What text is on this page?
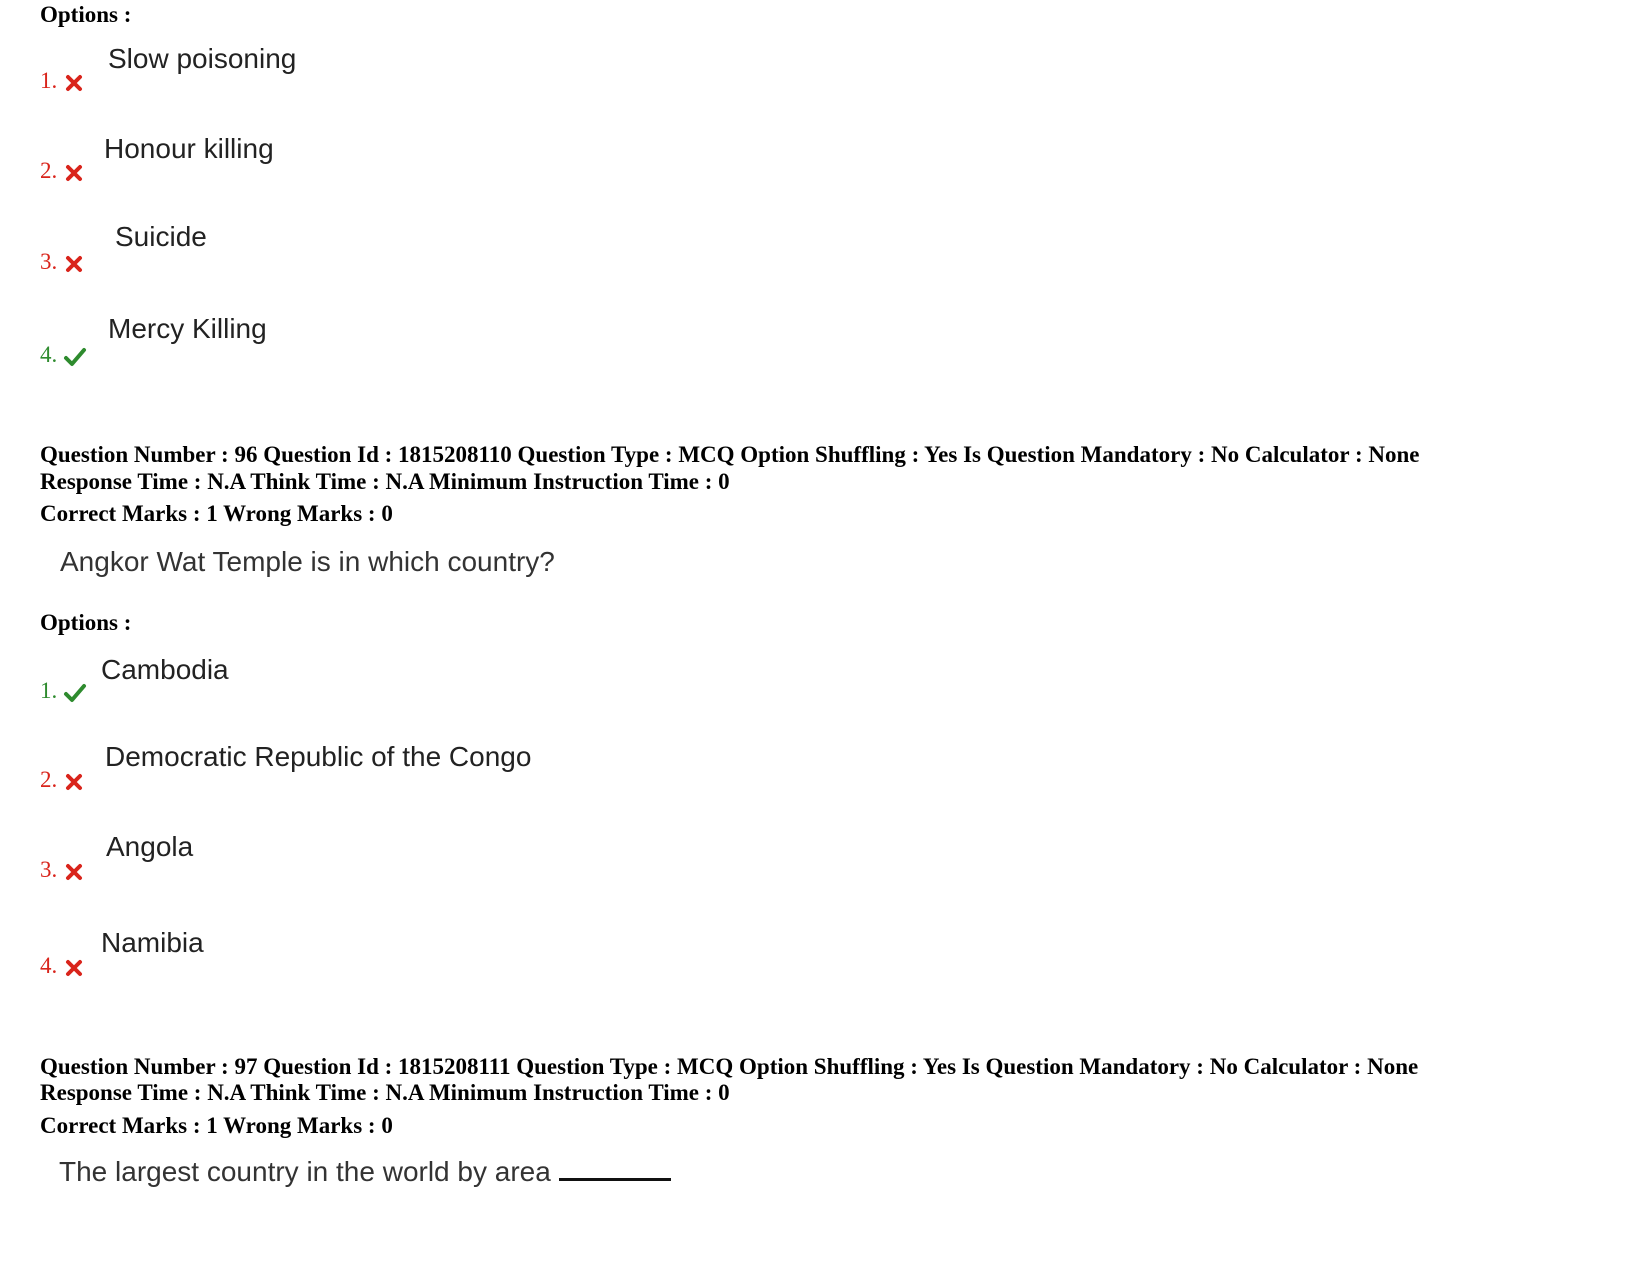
Options :
1.
Slow poisoning
2.
Honour killing
3.
Suicide
4.
Mercy Killing
Question Number : 96 Question Id : 1815208110 Question Type : MCQ Option Shuffling : Yes Is Question Mandatory : No Calculator : None
Response Time : N.A Think Time : N.A Minimum Instruction Time : 0
Correct Marks : 1 Wrong Marks : 0
Angkor Wat Temple is in which country?
Options :
1.
Cambodia
2.
Democratic Republic of the Congo
3.
Angola
4.
Namibia
Question Number : 97 Question Id : 1815208111 Question Type : MCQ Option Shuffling : Yes Is Question Mandatory : No Calculator : None
Response Time : N.A Think Time : N.A Minimum Instruction Time : 0
Correct Marks : 1 Wrong Marks : 0
The largest country in the world by area
